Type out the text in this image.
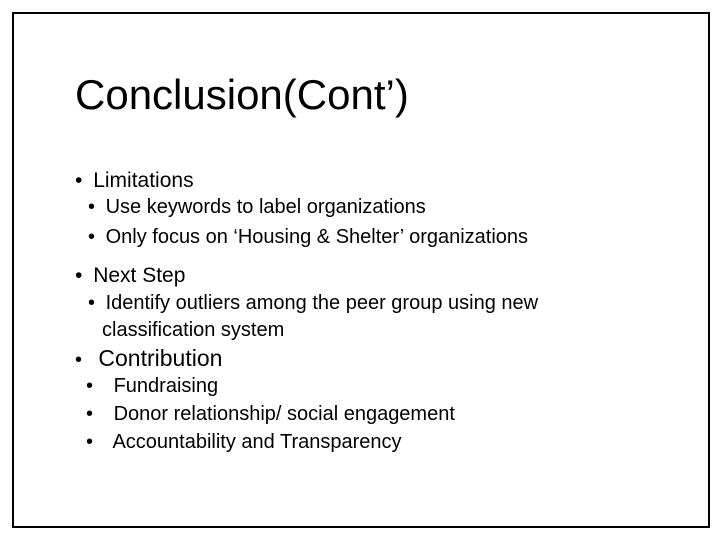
Conclusion(Cont’)
• Limitations
• Use keywords to label organizations
• Only focus on ‘Housing & Shelter’ organizations
• Next Step
• Identify outliers among the peer group using new
classification system
• Contribution
• Fundraising
• Donor relationship/ social engagement
• Accountability and Transparency
